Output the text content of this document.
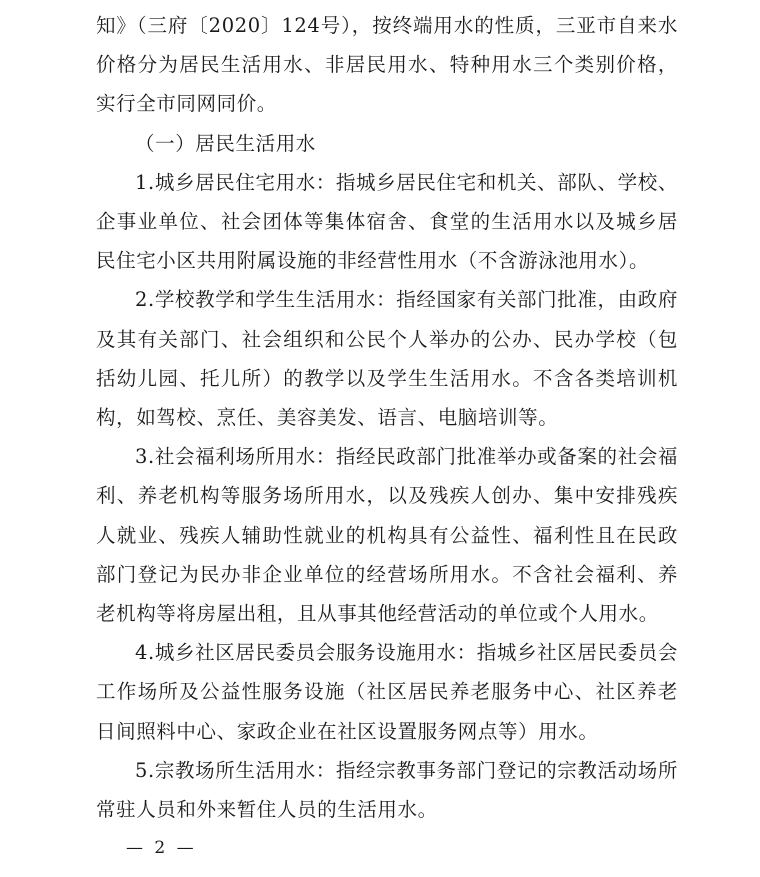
知》（三府〔2020〕124号），按终端用水的性质，三亚市自来水价格分为居民生活用水、非居民用水、特种用水三个类别价格，实行全市同网同价。

（一）居民生活用水

1.城乡居民住宅用水：指城乡居民住宅和机关、部队、学校、企事业单位、社会团体等集体宿舍、食堂的生活用水以及城乡居民住宅小区共用附属设施的非经营性用水（不含游泳池用水）。

2.学校教学和学生生活用水：指经国家有关部门批准，由政府及其有关部门、社会组织和公民个人举办的公办、民办学校（包括幼儿园、托儿所）的教学以及学生生活用水。不含各类培训机构，如驾校、烹任、美容美发、语言、电脑培训等。

3.社会福利场所用水：指经民政部门批准举办或备案的社会福利、养老机构等服务场所用水，以及残疾人创办、集中安排残疾人就业、残疾人辅助性就业的机构具有公益性、福利性且在民政部门登记为民办非企业单位的经营场所用水。不含社会福利、养老机构等将房屋出租，且从事其他经营活动的单位或个人用水。

4.城乡社区居民委员会服务设施用水：指城乡社区居民委员会工作场所及公益性服务设施（社区居民养老服务中心、社区养老日间照料中心、家政企业在社区设置服务网点等）用水。

5.宗教场所生活用水：指经宗教事务部门登记的宗教活动场所常驻人员和外来暂住人员的生活用水。

— 2 —
